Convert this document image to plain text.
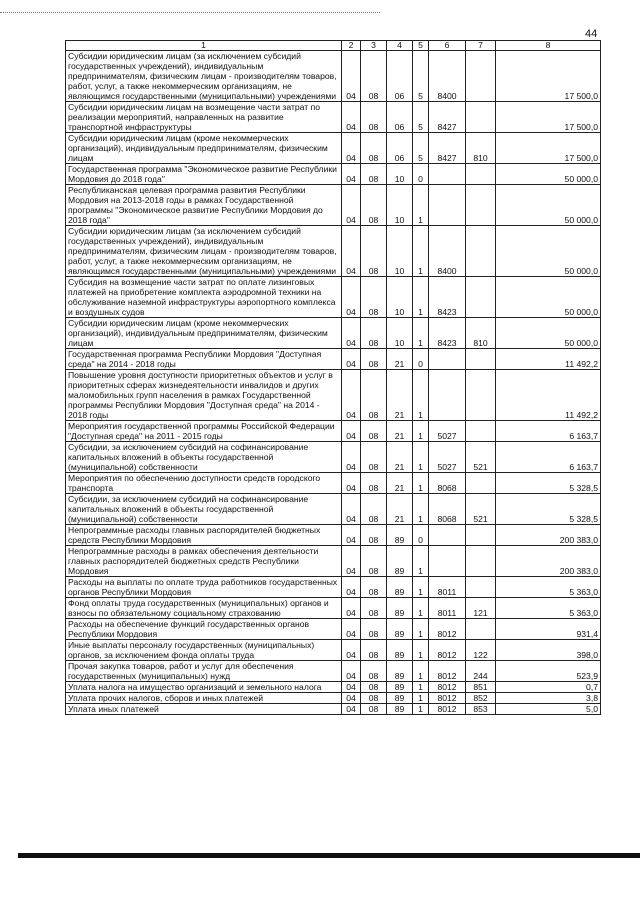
44
1	2	3	4	5	6	7	8
Субсидии юридическим лицам (за исключением субсидий государственных учреждений), индивидуальным предпринимателям, физическим лицам - производителям товаров, работ, услуг, а также некоммерческим организациям, не являющимся государственными (муниципальными) учреждениями	04	08	06	5	8400		17 500,0
Субсидии юридическим лицам на возмещение части затрат по реализации мероприятий, направленных на развитие транспортной инфраструктуры	04	08	06	5	8427		17 500,0
Субсидии юридическим лицам (кроме некоммерческих организаций), индивидуальным предпринимателям, физическим лицам	04	08	06	5	8427	810	17 500,0
Государственная программа "Экономическое развитие Республики Мордовия до 2018 года"	04	08	10	0			50 000,0
Республиканская целевая программа развития Республики Мордовия на 2013-2018 годы в рамках Государственной программы "Экономическое развитие Республики Мордовия до 2018 года"	04	08	10	1			50 000,0
Субсидии юридическим лицам (за исключением субсидий государственных учреждений), индивидуальным предпринимателям, физическим лицам - производителям товаров, работ, услуг, а также некоммерческим организациям, не являющимся государственными (муниципальными) учреждениями	04	08	10	1	8400		50 000,0
Субсидия на возмещение части затрат по оплате лизинговых платежей на приобретение комплекта аэродромной техники на обслуживание наземной инфраструктуры аэропортного комплекса и воздушных судов	04	08	10	1	8423		50 000,0
Субсидии юридическим лицам (кроме некоммерческих организаций), индивидуальным предпринимателям, физическим лицам	04	08	10	1	8423	810	50 000,0
Государственная программа Республики Мордовия "Доступная среда" на 2014 - 2018 годы	04	08	21	0			11 492,2
Повышение уровня доступности приоритетных объектов и услуг в приоритетных сферах жизнедеятельности инвалидов и других маломобильных групп населения в рамках Государственной программы Республики Мордовия "Доступная среда" на 2014 - 2018 годы	04	08	21	1			11 492,2
Мероприятия государственной программы Российской Федерации "Доступная среда" на 2011 - 2015 годы	04	08	21	1	5027		6 163,7
Субсидии, за исключением субсидий на софинансирование капитальных вложений в объекты государственной (муниципальной) собственности	04	08	21	1	5027	521	6 163,7
Мероприятия по обеспечению доступности средств городского транспорта	04	08	21	1	8068		5 328,5
Субсидии, за исключением субсидий на софинансирование капитальных вложений в объекты государственной (муниципальной) собственности	04	08	21	1	8068	521	5 328,5
Непрограммные расходы главных распорядителей бюджетных средств Республики Мордовия	04	08	89	0			200 383,0
Непрограммные расходы в рамках обеспечения деятельности главных распорядителей бюджетных средств Республики Мордовия	04	08	89	1			200 383,0
Расходы на выплаты по оплате труда работников государственных органов Республики Мордовия	04	08	89	1	8011		5 363,0
Фонд оплаты труда государственных (муниципальных) органов и взносы по обязательному социальному страхованию	04	08	89	1	8011	121	5 363,0
Расходы на обеспечение функций государственных органов Республики Мордовия	04	08	89	1	8012		931,4
Иные выплаты персоналу государственных (муниципальных) органов, за исключением фонда оплаты труда	04	08	89	1	8012	122	398,0
Прочая закупка товаров, работ и услуг для обеспечения государственных (муниципальных) нужд	04	08	89	1	8012	244	523,9
Уплата налога на имущество организаций и земельного налога	04	08	89	1	8012	851	0,7
Уплата прочих налогов, сборов и иных платежей	04	08	89	1	8012	852	3,8
Уплата иных платежей	04	08	89	1	8012	853	5,0
